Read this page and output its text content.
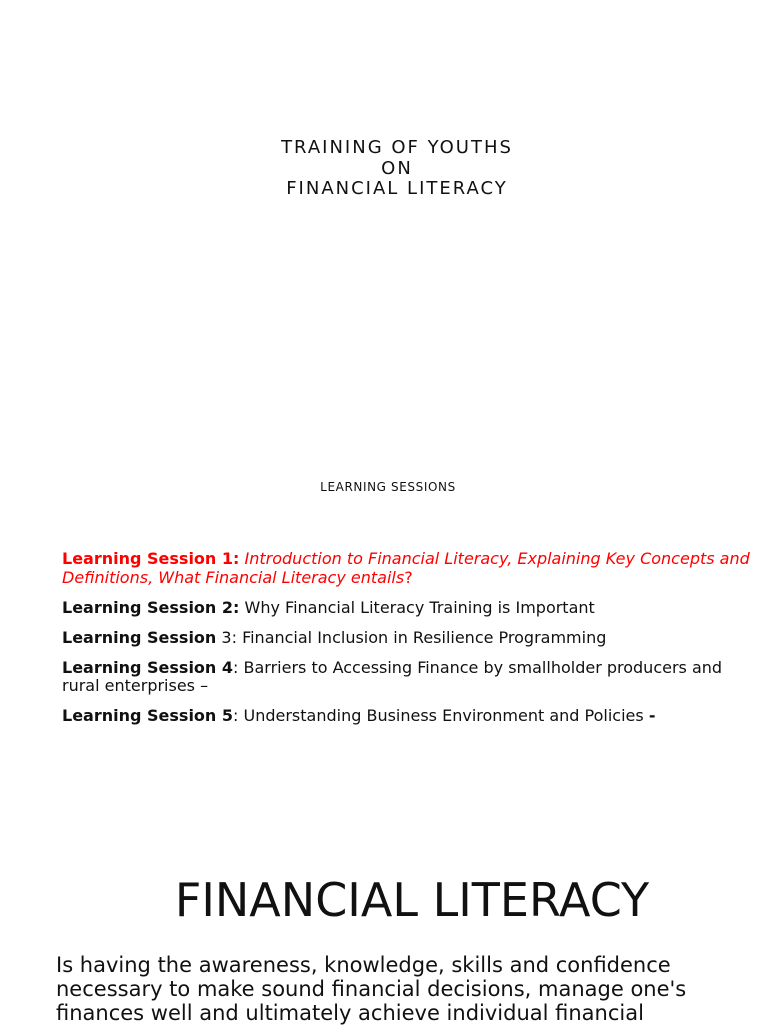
TRAINING OF YOUTHS
ON
FINANCIAL LITERACY
LEARNING SESSIONS
Learning Session 1: Introduction to Financial Literacy, Explaining Key Concepts and Definitions, What Financial Literacy entails?
Learning Session 2: Why Financial Literacy Training is Important
Learning Session 3: Financial Inclusion in Resilience Programming
Learning Session 4: Barriers to Accessing Finance by smallholder producers and rural enterprises –
Learning Session 5: Understanding Business Environment and Policies -
FINANCIAL LITERACY
Is having the awareness, knowledge, skills and confidence necessary to make sound financial decisions, manage one's finances well and ultimately achieve individual financial
